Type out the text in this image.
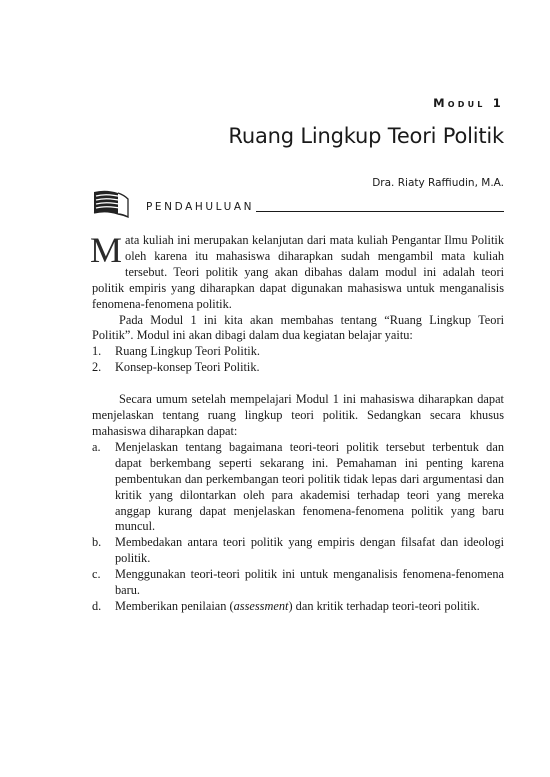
Modul 1
Ruang Lingkup Teori Politik
Dra. Riaty Raffiudin, M.A.
PENDAHULUAN

Mata kuliah ini merupakan kelanjutan dari mata kuliah Pengantar Ilmu Politik oleh karena itu mahasiswa diharapkan sudah mengambil mata kuliah tersebut. Teori politik yang akan dibahas dalam modul ini adalah teori politik empiris yang diharapkan dapat digunakan mahasiswa untuk menganalisis fenomena-fenomena politik.

Pada Modul 1 ini kita akan membahas tentang “Ruang Lingkup Teori Politik”. Modul ini akan dibagi dalam dua kegiatan belajar yaitu:

1. Ruang Lingkup Teori Politik.
2. Konsep-konsep Teori Politik.

Secara umum setelah mempelajari Modul 1 ini mahasiswa diharapkan dapat menjelaskan tentang ruang lingkup teori politik. Sedangkan secara khusus mahasiswa diharapkan dapat:

a. Menjelaskan tentang bagaimana teori-teori politik tersebut terbentuk dan dapat berkembang seperti sekarang ini. Pemahaman ini penting karena pembentukan dan perkembangan teori politik tidak lepas dari argumentasi dan kritik yang dilontarkan oleh para akademisi terhadap teori yang mereka anggap kurang dapat menjelaskan fenomena-fenomena politik yang baru muncul.
b. Membedakan antara teori politik yang empiris dengan filsafat dan ideologi politik.
c. Menggunakan teori-teori politik ini untuk menganalisis fenomena-fenomena baru.
d. Memberikan penilaian (assessment) dan kritik terhadap teori-teori politik.
